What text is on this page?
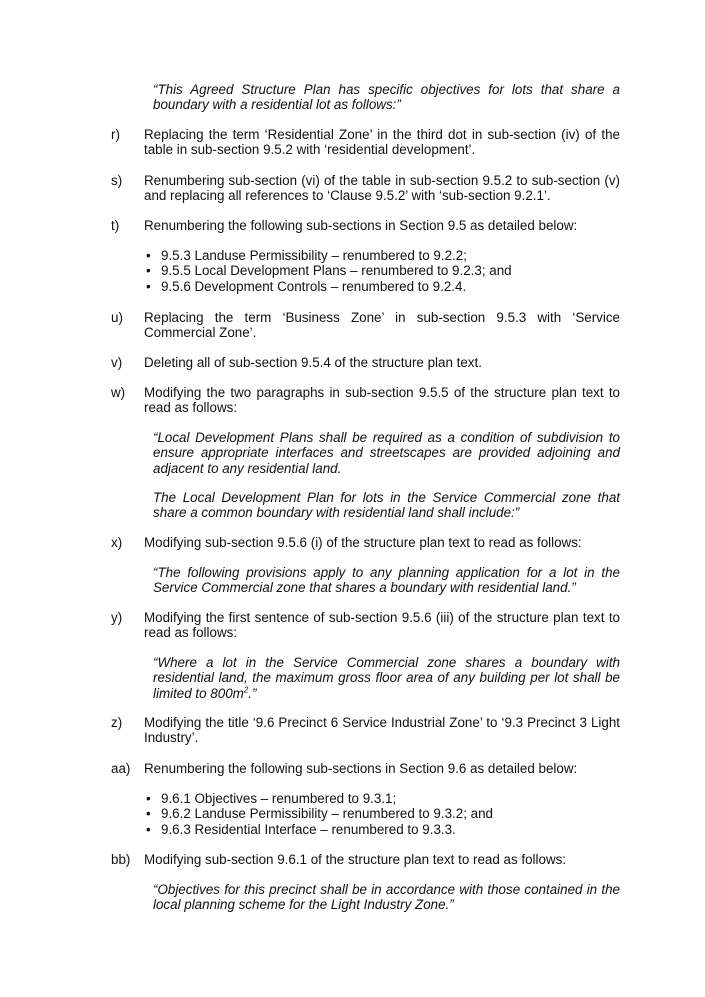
“This Agreed Structure Plan has specific objectives for lots that share a boundary with a residential lot as follows:”

r) Replacing the term ‘Residential Zone’ in the third dot in sub-section (iv) of the table in sub-section 9.5.2 with ‘residential development’.
s) Renumbering sub-section (vi) of the table in sub-section 9.5.2 to sub-section (v) and replacing all references to ‘Clause 9.5.2’ with ‘sub-section 9.2.1’.
t) Renumbering the following sub-sections in Section 9.5 as detailed below:
• 9.5.3 Landuse Permissibility – renumbered to 9.2.2;
• 9.5.5 Local Development Plans – renumbered to 9.2.3; and
• 9.5.6 Development Controls – renumbered to 9.2.4.
u) Replacing the term ‘Business Zone’ in sub-section 9.5.3 with ‘Service Commercial Zone’.
v) Deleting all of sub-section 9.5.4 of the structure plan text.
w) Modifying the two paragraphs in sub-section 9.5.5 of the structure plan text to read as follows:

“Local Development Plans shall be required as a condition of subdivision to ensure appropriate interfaces and streetscapes are provided adjoining and adjacent to any residential land.

The Local Development Plan for lots in the Service Commercial zone that share a common boundary with residential land shall include:”

x) Modifying sub-section 9.5.6 (i) of the structure plan text to read as follows:

“The following provisions apply to any planning application for a lot in the Service Commercial zone that shares a boundary with residential land.”

y) Modifying the first sentence of sub-section 9.5.6 (iii) of the structure plan text to read as follows:

“Where a lot in the Service Commercial zone shares a boundary with residential land, the maximum gross floor area of any building per lot shall be limited to $800m^2$.”

z) Modifying the title ‘9.6 Precinct 6 Service Industrial Zone’ to ‘9.3 Precinct 3 Light Industry’.
aa) Renumbering the following sub-sections in Section 9.6 as detailed below:
• 9.6.1 Objectives – renumbered to 9.3.1;
• 9.6.2 Landuse Permissibility – renumbered to 9.3.2; and
• 9.6.3 Residential Interface – renumbered to 9.3.3.
bb) Modifying sub-section 9.6.1 of the structure plan text to read as follows:

“Objectives for this precinct shall be in accordance with those contained in the local planning scheme for the Light Industry Zone.”
